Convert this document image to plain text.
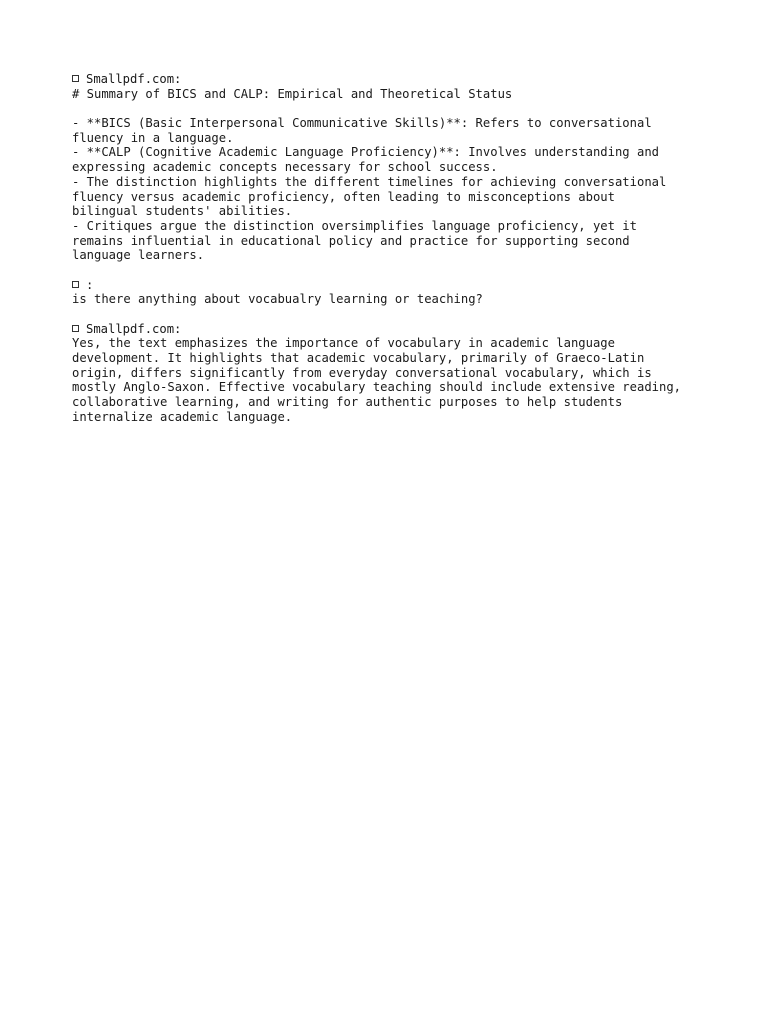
Smallpdf.com:
# Summary of BICS and CALP: Empirical and Theoretical Status
- **BICS (Basic Interpersonal Communicative Skills)**: Refers to conversational
fluency in a language.
- **CALP (Cognitive Academic Language Proficiency)**: Involves understanding and
expressing academic concepts necessary for school success.
- The distinction highlights the different timelines for achieving conversational
fluency versus academic proficiency, often leading to misconceptions about
bilingual students' abilities.
- Critiques argue the distinction oversimplifies language proficiency, yet it
remains influential in educational policy and practice for supporting second
language learners.
:
is there anything about vocabualry learning or teaching?
Smallpdf.com:
Yes, the text emphasizes the importance of vocabulary in academic language
development. It highlights that academic vocabulary, primarily of Graeco-Latin
origin, differs significantly from everyday conversational vocabulary, which is
mostly Anglo-Saxon. Effective vocabulary teaching should include extensive reading,
collaborative learning, and writing for authentic purposes to help students
internalize academic language.
